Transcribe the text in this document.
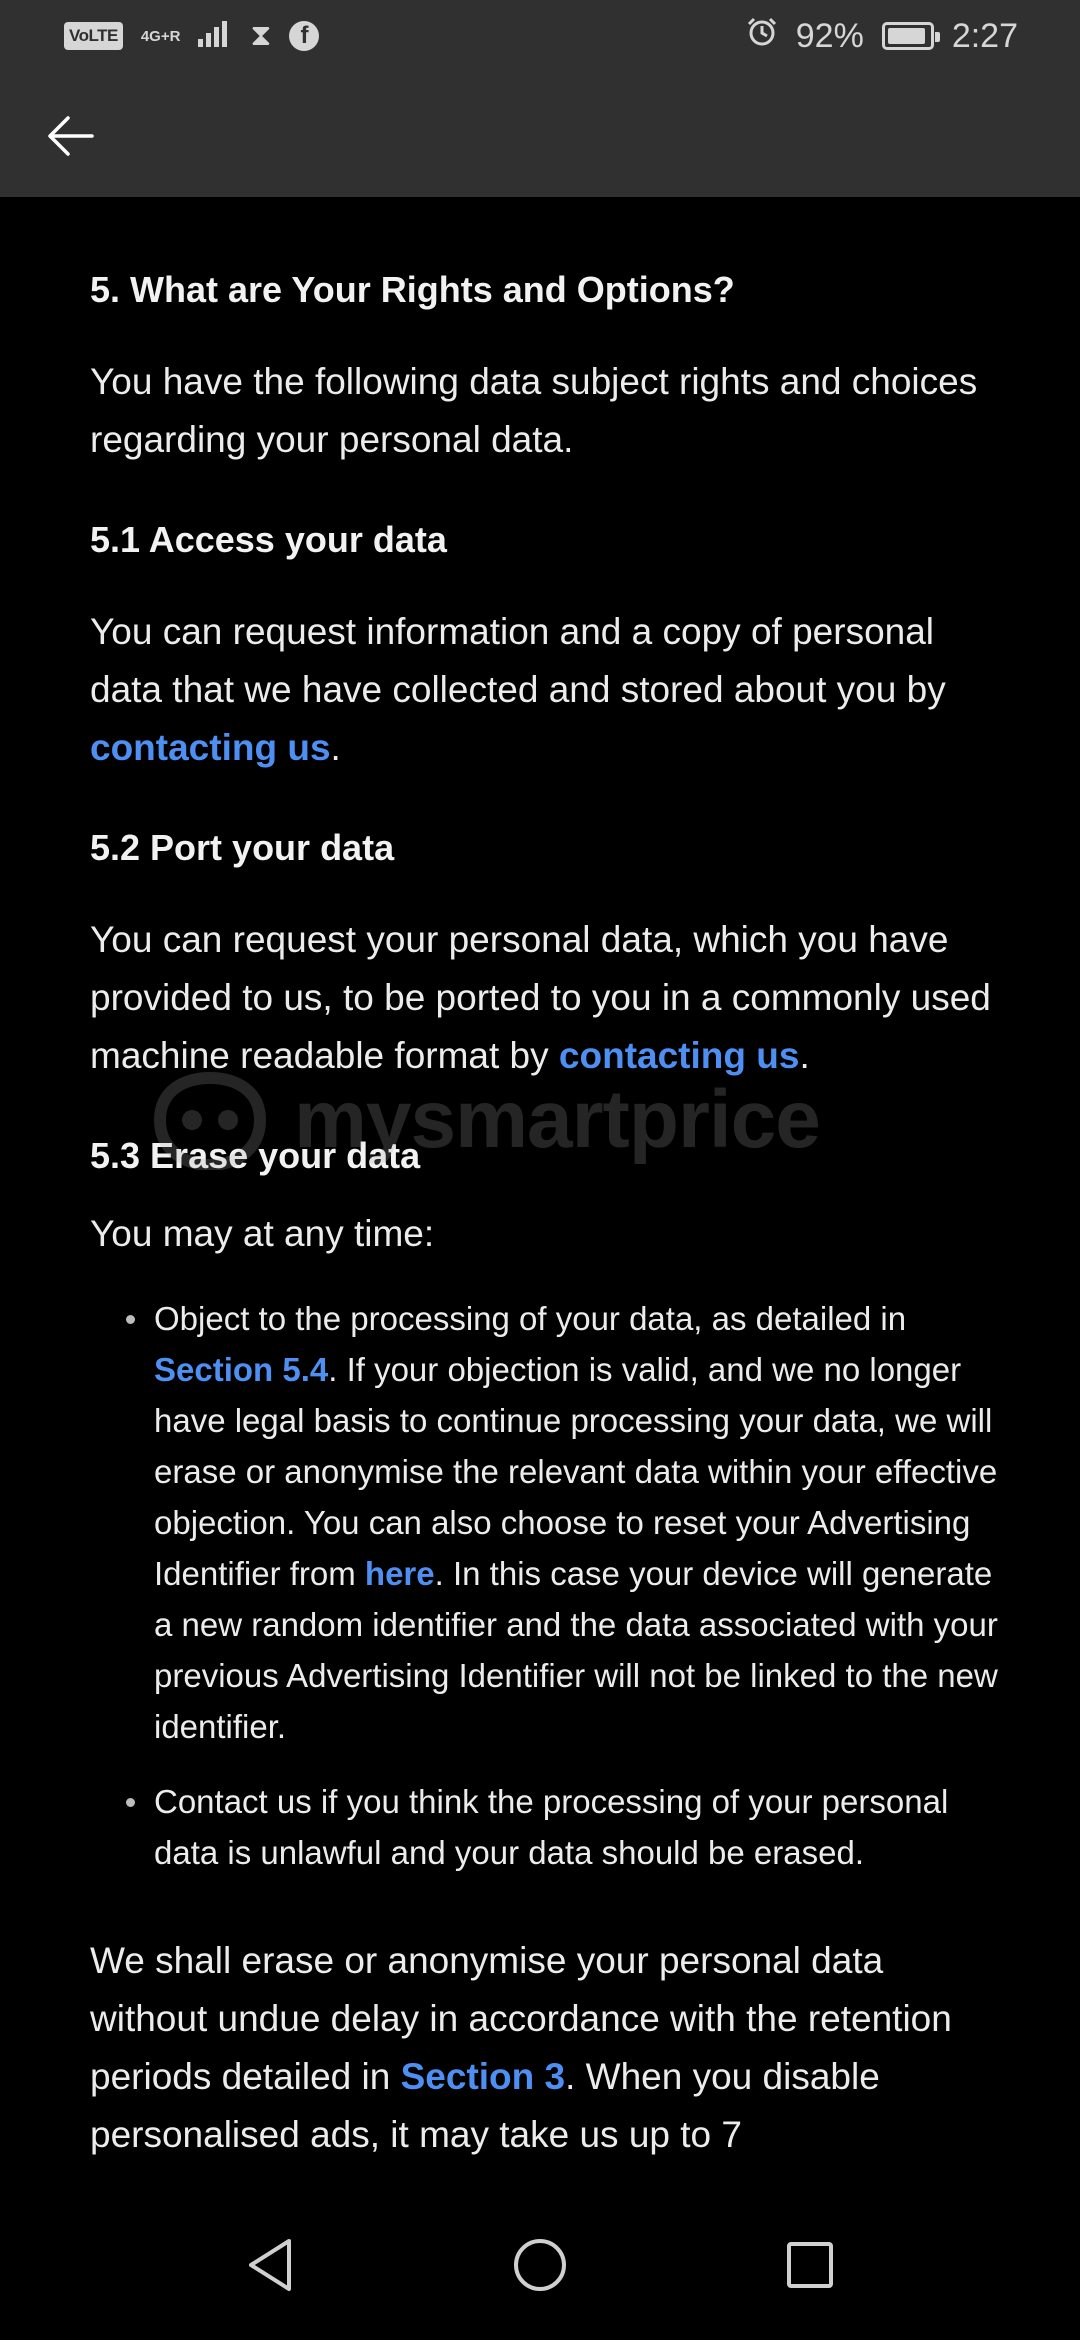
VoLTE	4G+R ⧗	f	92%	2:27
5. What are Your Rights and Options?

You have the following data subject rights and choices regarding your personal data.

5.1 Access your data

You can request information and a copy of personal data that we have collected and stored about you by contacting us.

5.2 Port your data

You can request your personal data, which you have provided to us, to be ported to you in a commonly used machine readable format by contacting us.

5.3 Erase your data

You may at any time:

Object to the processing of your data, as detailed in Section 5.4. If your objection is valid, and we no longer have legal basis to continue processing your data, we will erase or anonymise the relevant data within your effective objection. You can also choose to reset your Advertising Identifier from here. In this case your device will generate a new random identifier and the data associated with your previous Advertising Identifier will not be linked to the new identifier.
Contact us if you think the processing of your personal data is unlawful and your data should be erased.

We shall erase or anonymise your personal data without undue delay in accordance with the retention periods detailed in Section 3. When you disable personalised ads, it may take us up to 7

mysmartprice
